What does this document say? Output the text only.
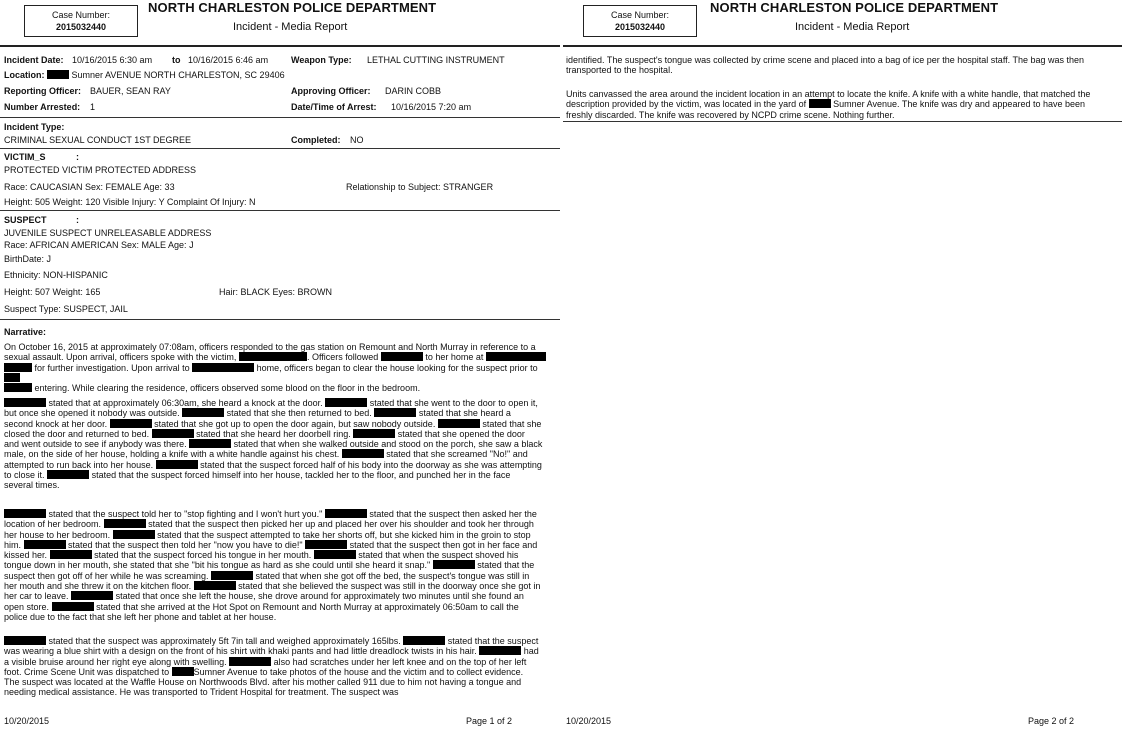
Case Number:
2015032440
NORTH CHARLESTON POLICE DEPARTMENT
Incident - Media Report
Incident Date: 10/16/2015 6:30 am to 10/16/2015 6:46 am	Weapon Type: LETHAL CUTTING INSTRUMENT
Location:	Sumner AVENUE NORTH CHARLESTON, SC 29406
Reporting Officer: BAUER, SEAN RAY	Approving Officer: DARIN COBB
Number Arrested: 1	Date/Time of Arrest: 10/16/2015 7:20 am
Incident Type:
CRIMINAL SEXUAL CONDUCT 1ST DEGREE	Completed: NO
VICTIM_S	:
PROTECTED VICTIM PROTECTED ADDRESS
Race: CAUCASIAN Sex: FEMALE Age: 33	Relationship to Subject: STRANGER
Height: 505 Weight: 120 Visible Injury: Y Complaint Of Injury: N
SUSPECT	:
JUVENILE SUSPECT UNRELEASABLE ADDRESS
Race: AFRICAN AMERICAN Sex: MALE Age: J
BirthDate: J
Ethnicity: NON-HISPANIC
Height: 507 Weight: 165	Hair: BLACK Eyes: BROWN
Suspect Type: SUSPECT, JAIL
Narrative:

On October 16, 2015 at approximately 07:08am, officers responded to the gas station on Remount and North Murray in reference to a
sexual assault. Upon arrival, officers spoke with the victim,	. Officers followed	to her home at
for further investigation. Upon arrival to	home, officers began to clear the house looking for the suspect prior to
entering. While clearing the residence, officers observed some blood on the floor in the bedroom.

stated that at approximately 06:30am, she heard a knock at the door.	stated that she went to the door to open it,
but once she opened it nobody was outside.	stated that she then returned to bed.	stated that she heard a
second knock at her door.	stated that she got up to open the door again, but saw nobody outside.	stated that she
closed the door and returned to bed.	stated that she heard her doorbell ring.	stated that she opened the door
and went outside to see if anybody was there.	stated that when she walked outside and stood on the porch, she saw a black
male, on the side of her house, holding a knife with a white handle against his chest.	stated that she screamed "No!" and
attempted to run back into her house.	stated that the suspect forced half of his body into the doorway as she was attempting
to close it.	stated that the suspect forced himself into her house, tackled her to the floor, and punched her in the face
several times.

stated that the suspect told her to "stop fighting and I won't hurt you."	stated that the suspect then asked her the
location of her bedroom.	stated that the suspect then picked her up and placed her over his shoulder and took her through
her house to her bedroom.	stated that the suspect attempted to take her shorts off, but she kicked him in the groin to stop
him.	stated that the suspect then told her "now you have to die!"	stated that the suspect then got in her face and
kissed her.	stated that the suspect forced his tongue in her mouth.	stated that when the suspect shoved his
tongue down in her mouth, she stated that she "bit his tongue as hard as she could until she heard it snap."	stated that the
suspect then got off of her while he was screaming.	stated that when she got off the bed, the suspect's tongue was still in
her mouth and she threw it on the kitchen floor.	stated that she believed the suspect was still in the doorway once she got in
her car to leave.	stated that once she left the house, she drove around for approximately two minutes until she found an
open store.	stated that she arrived at the Hot Spot on Remount and North Murray at approximately 06:50am to call the
police due to the fact that she left her phone and tablet at her house.

stated that the suspect was approximately 5ft 7in tall and weighed approximately 165lbs.	stated that the suspect
was wearing a blue shirt with a design on the front of his shirt with khaki pants and had little dreadlock twists in his hair.	had
a visible bruise around her right eye along with swelling.	also had scratches under her left knee and on the top of her left
foot. Crime Scene Unit was dispatched to	Sumner Avenue to take photos of the house and the victim and to collect evidence.
The suspect was located at the Waffle House on Northwoods Blvd. after his mother called 911 due to him not having a tongue and
needing medical assistance. He was transported to Trident Hospital for treatment. The suspect was

10/20/2015	Page 1 of 2
Case Number:
2015032440
NORTH CHARLESTON POLICE DEPARTMENT
Incident - Media Report

identified. The suspect's tongue was collected by crime scene and placed into a bag of ice per the hospital staff. The bag was then
transported to the hospital.

Units canvassed the area around the incident location in an attempt to locate the knife. A knife with a white handle, that matched the
description provided by the victim, was located in the yard of	Sumner Avenue. The knife was dry and appeared to have been
freshly discarded. The knife was recovered by NCPD crime scene. Nothing further.

10/20/2015	Page 2 of 2
